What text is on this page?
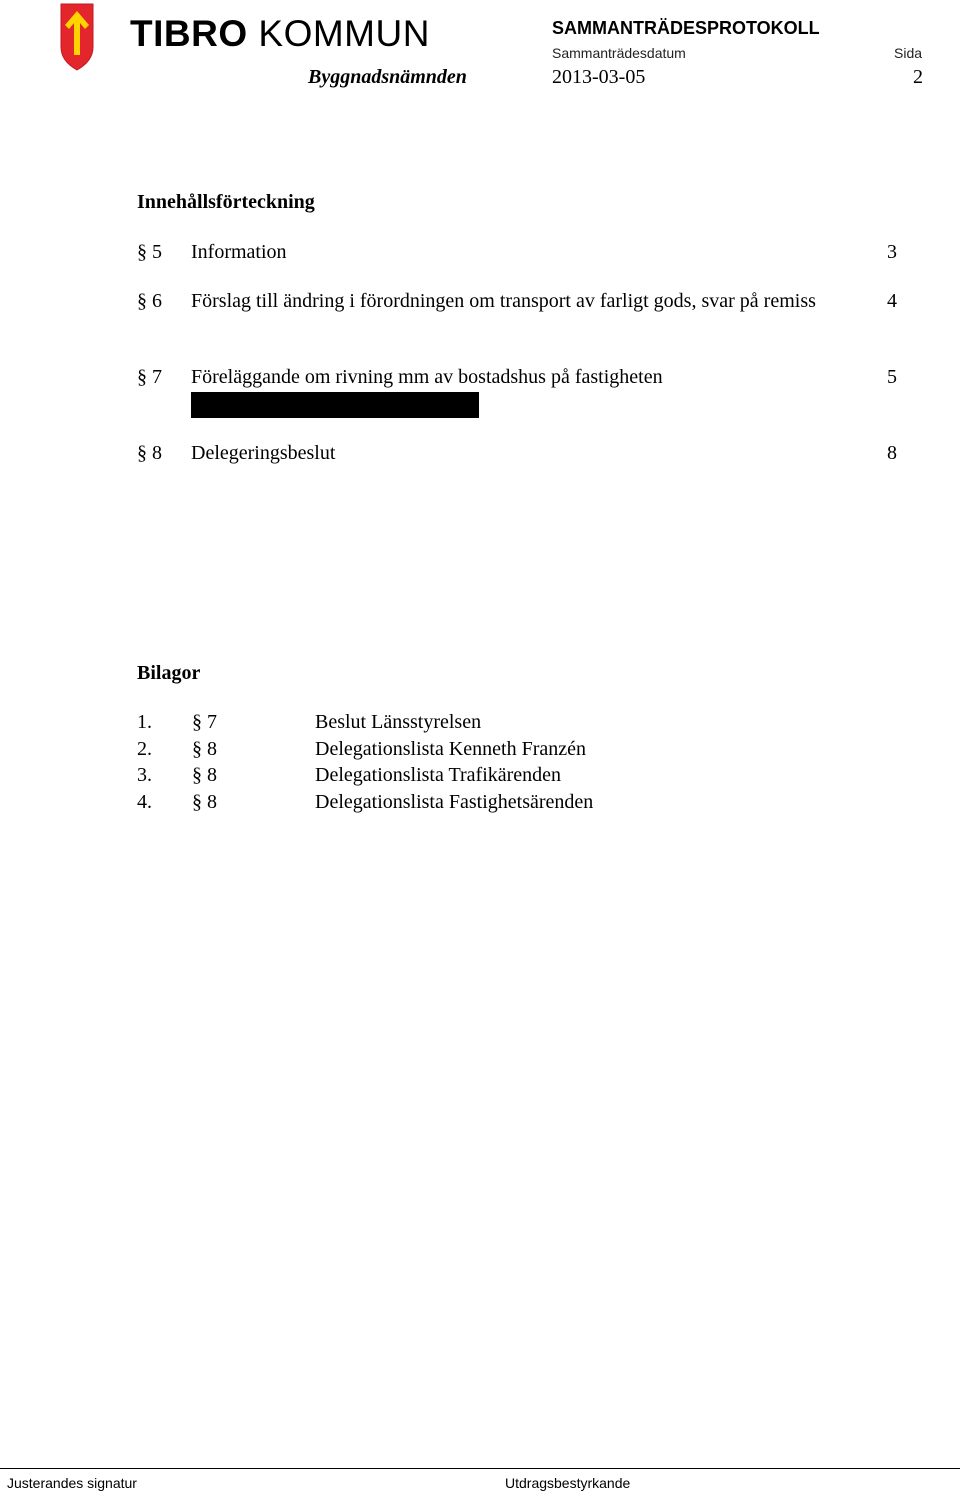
TIBRO KOMMUN	SAMMANTRÄDESPROTOKOLL
Sammanträdesdatum	Sida
Byggnadsnämnden	2013-03-05	2
Innehållsförteckning
§ 5 Information	3
§ 6 Förslag till ändring i förordningen om transport av farligt gods, svar på remiss	4
§ 7 Föreläggande om rivning mm av bostadshus på fastigheten	5
§ 8 Delegeringsbeslut	8
Bilagor
1. § 7	Beslut Länsstyrelsen
2. § 8	Delegationslista Kenneth Franzén
3. § 8	Delegationslista Trafikärenden
4. § 8	Delegationslista Fastighetsärenden
Justerandes signatur	Utdragsbestyrkande
